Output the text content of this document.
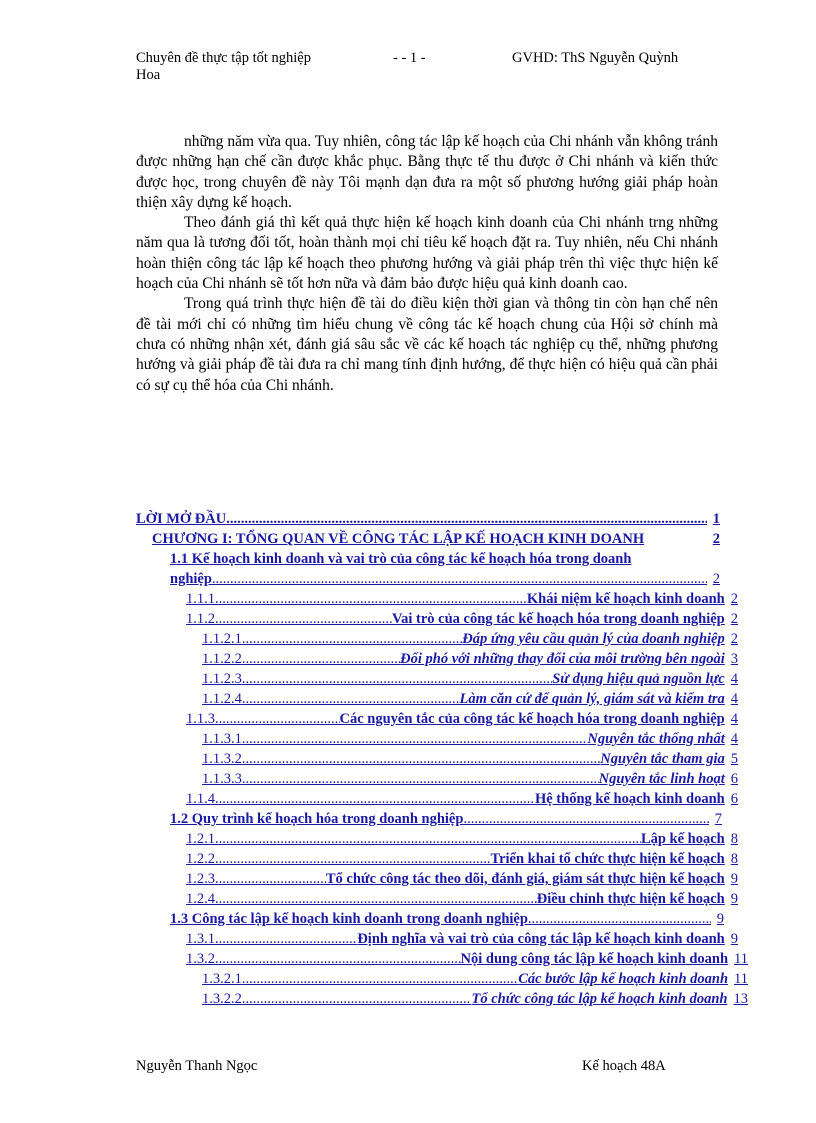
Chuyên đề thực tập tốt nghiệp	- - 1 -	GVHD: ThS Nguyễn Quỳnh
Hoa

những năm vừa qua. Tuy nhiên, công tác lập kế hoạch của Chi nhánh vẫn không tránh được những hạn chế cần được khắc phục. Bằng thực tế thu được ở Chi nhánh và kiến thức được học, trong chuyên đề này Tôi mạnh dạn đưa ra một số phương hướng giải pháp hoàn thiện xây dựng kế hoạch.

Theo đánh giá thì kết quả thực hiện kế hoạch kinh doanh của Chi nhánh trng những năm qua là tương đối tốt, hoàn thành mọi chỉ tiêu kế hoạch đặt ra. Tuy nhiên, nếu Chi nhánh hoàn thiện công tác lập kế hoạch theo phương hướng và giải pháp trên thì việc thực hiện kế hoạch của Chi nhánh sẽ tốt hơn nữa và đảm bảo được hiệu quả kinh doanh cao.

Trong quá trình thực hiện đề tài do điều kiện thời gian và thông tin còn hạn chế nên đề tài mới chỉ có những tìm hiểu chung về công tác kế hoạch chung của Hội sở chính mà chưa có những nhận xét, đánh giá sâu sắc về các kế hoạch tác nghiệp cụ thể, những phương hướng và giải pháp đề tài đưa ra chỉ mang tính định hướng, để thực hiện có hiệu quả cần phải có sự cụ thể hóa của Chi nhánh.

LỜI MỞ ĐẦU .....	1
CHƯƠNG I: TỔNG QUAN VỀ CÔNG TÁC LẬP KẾ HOẠCH KINH DOANH	2
1.1 Kế hoạch kinh doanh và vai trò của công tác kế hoạch hóa trong doanh
nghiệp .....	2
1.1.1 .....	Khái niệm kế hoạch kinh doanh 2
1.1.2 .....	Vai trò của công tác kế hoạch hóa trong doanh nghiệp 2
1.1.2.1 .....	Đáp ứng yêu cầu quản lý của doanh nghiệp 2
1.1.2.2 .....	Đối phó với những thay đổi của môi trường bên ngoài 3
1.1.2.3 .....	Sử dụng hiệu quả nguồn lực 4
1.1.2.4 .....	Làm căn cứ để quản lý, giám sát và kiểm tra 4
1.1.3 .....	Các nguyên tắc của công tác kế hoạch hóa trong doanh nghiệp 4
1.1.3.1 .....	Nguyên tắc thống nhất 4
1.1.3.2 .....	Nguyên tắc tham gia 5
1.1.3.3 .....	Nguyên tắc linh hoạt 6
1.1.4 .....	Hệ thống kế hoạch kinh doanh 6
1.2 Quy trình kế hoạch hóa trong doanh nghiệp .....	7
1.2.1 .....	Lập kế hoạch 8
1.2.2 .....	Triển khai tổ chức thực hiện kế hoạch 8
1.2.3 .....	Tổ chức công tác theo dõi, đánh giá, giám sát thực hiện kế hoạch 9
1.2.4 .....	Điều chỉnh thực hiện kế hoạch 9
1.3 Công tác lập kế hoạch kinh doanh trong doanh nghiệp .....	9
1.3.1 .....	Định nghĩa và vai trò của công tác lập kế hoạch kinh doanh 9
1.3.2 .....	Nội dung công tác lập kế hoạch kinh doanh 11
1.3.2.1 .....	Các bước lập kế hoạch kinh doanh 11
1.3.2.2 .....	Tổ chức công tác lập kế hoạch kinh doanh 13
Nguyễn Thanh Ngọc	Kế hoạch 48A
